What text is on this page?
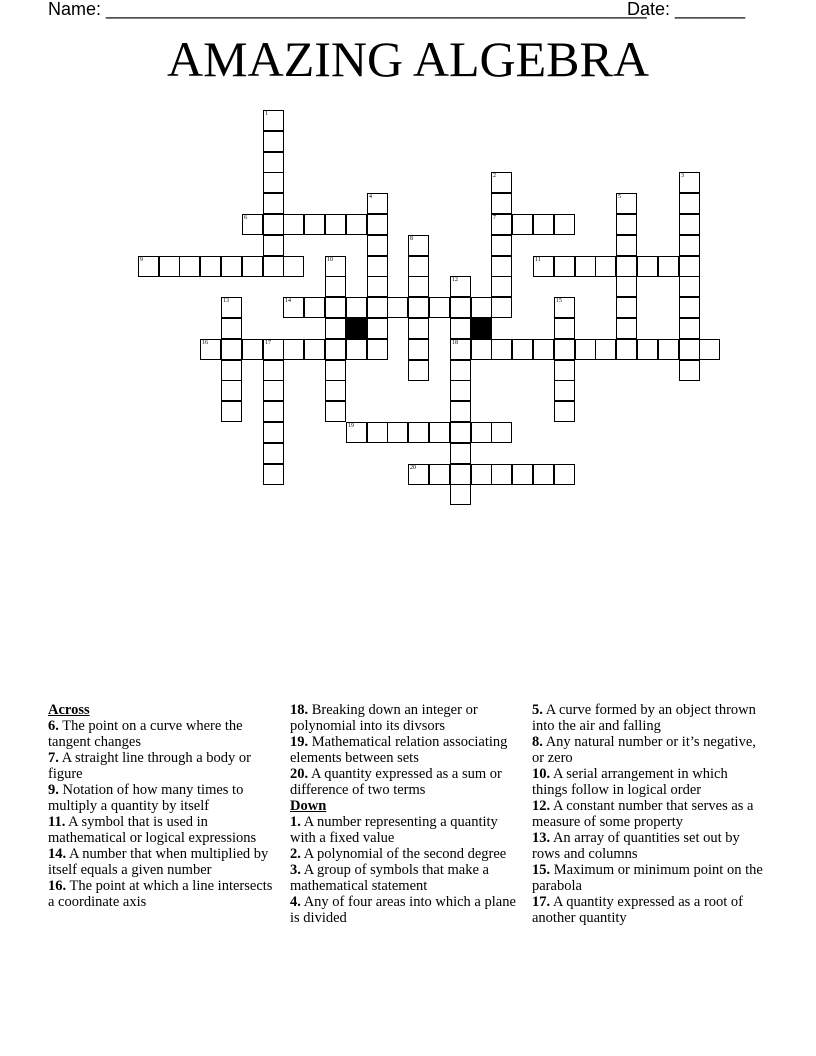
Name: ______________________________________________________
Date: _______
AMAZING ALGEBRA
1
2
7
3
4	5
6
8
9	10	11
12
18
13	14	15
16	17
19
20
Across
6. The point on a curve where the tangent changes
7. A straight line through a body or figure
9. Notation of how many times to multiply a quantity by itself
11. A symbol that is used in mathematical or logical expressions
14. A number that when multiplied by itself equals a given number
16. The point at which a line intersects a coordinate axis
18. Breaking down an integer or polynomial into its divsors
19. Mathematical relation associating elements between sets
20. A quantity expressed as a sum or difference of two terms
Down
1. A number representing a quantity with a fixed value
2. A polynomial of the second degree
3. A group of symbols that make a mathematical statement
4. Any of four areas into which a plane is divided
5. A curve formed by an object thrown into the air and falling
8. Any natural number or it’s negative, or zero
10. A serial arrangement in which things follow in logical order
12. A constant number that serves as a measure of some property
13. An array of quantities set out by rows and columns
15. Maximum or minimum point on the parabola
17. A quantity expressed as a root of another quantity
